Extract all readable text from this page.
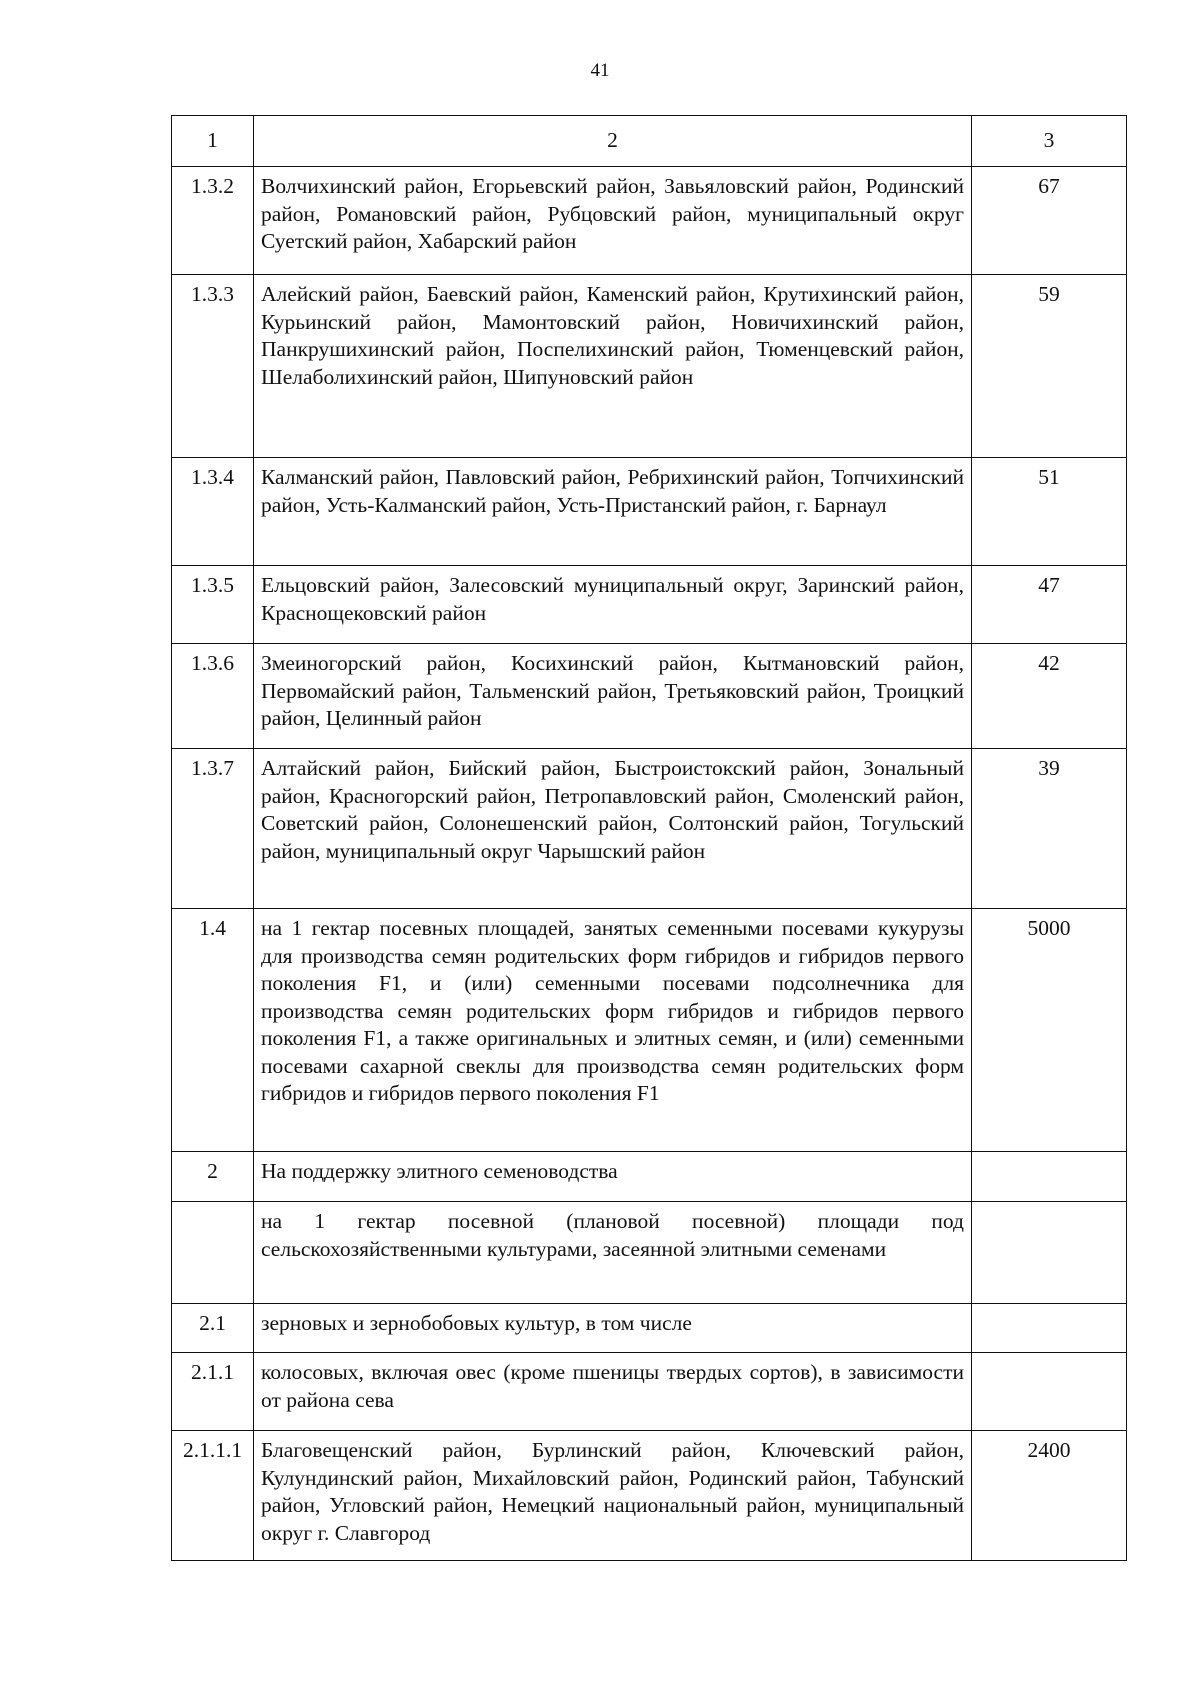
41
1	2	3
1.3.2	Волчихинский район, Егорьевский район, Завьяловский район, Родинский район, Романовский район, Рубцовский район, муниципальный округ Суетский район, Хабарский район	67
1.3.3	Алейский район, Баевский район, Каменский район, Крутихинский район, Курьинский район, Мамонтовский район, Новичихинский район, Панкрушихинский район, Поспелихинский район, Тюменцевский район, Шелаболихинский район, Шипуновский район	59
1.3.4	Калманский район, Павловский район, Ребрихинский район, Топчихинский район, Усть-Калманский район, Усть-Пристанский район, г. Барнаул	51
1.3.5	Ельцовский район, Залесовский муниципальный округ, Заринский район, Краснощековский район	47
1.3.6	Змеиногорский район, Косихинский район, Кытмановский район, Первомайский район, Тальменский район, Третьяковский район, Троицкий район, Целинный район	42
1.3.7	Алтайский район, Бийский район, Быстроистокский район, Зональный район, Красногорский район, Петропавловский район, Смоленский район, Советский район, Солонешенский район, Солтонский район, Тогульский район, муниципальный округ Чарышский район	39
1.4	на 1 гектар посевных площадей, занятых семенными посевами кукурузы для производства семян родительских форм гибридов и гибридов первого поколения F1, и (или) семенными посевами подсолнечника для производства семян родительских форм гибридов и гибридов первого поколения F1, а также оригинальных и элитных семян, и (или) семенными посевами сахарной свеклы для производства семян родительских форм гибридов и гибридов первого поколения F1	5000
2	На поддержку элитного семеноводства	
	на 1 гектар посевной (плановой посевной) площади под сельскохозяйственными культурами, засеянной элитными семенами	
2.1	зерновых и зернобобовых культур, в том числе	
2.1.1	колосовых, включая овес (кроме пшеницы твердых сортов), в зависимости от района сева	
2.1.1.1	Благовещенский район, Бурлинский район, Ключевский район, Кулундинский район, Михайловский район, Родинский район, Табунский район, Угловский район, Немецкий национальный район, муниципальный округ г. Славгород	2400
